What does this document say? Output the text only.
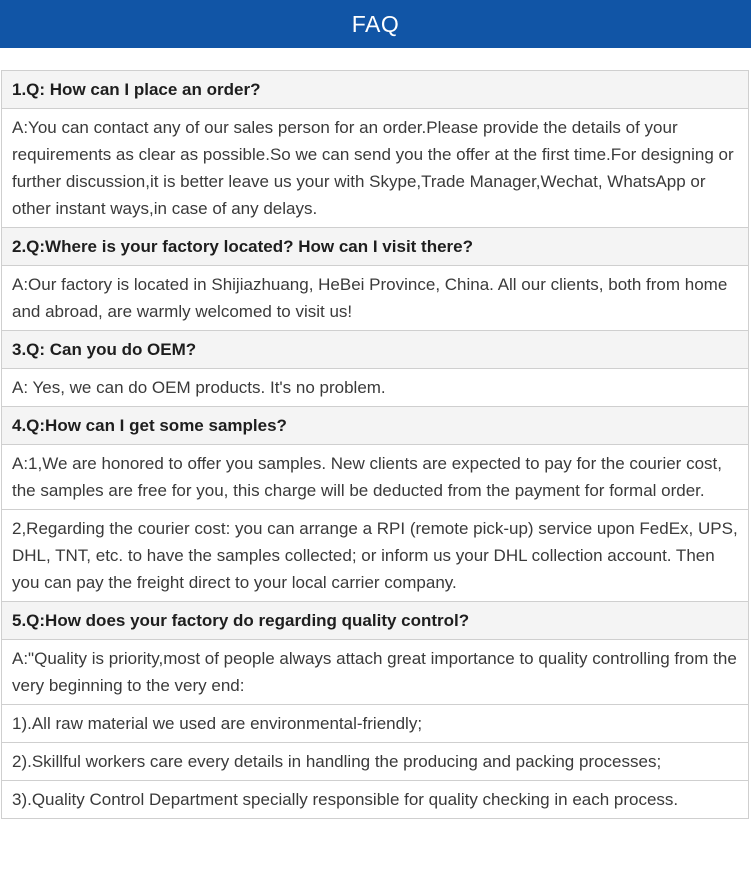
FAQ
1.Q: How can I place an order?
A:You can contact any of our sales person for an order.Please provide the details of your requirements as clear as possible.So we can send you the offer at the first time.For designing or further discussion,it is better leave us your with Skype,Trade Manager,Wechat, WhatsApp or other instant ways,in case of any delays.
2.Q:Where is your factory located? How can I visit there?
A:Our factory is located in Shijiazhuang, HeBei Province, China. All our clients, both from home and abroad, are warmly welcomed to visit us!
3.Q: Can you do OEM?
A: Yes, we can do OEM products. It's no problem.
4.Q:How can I get some samples?
A:1,We are honored to offer you samples. New clients are expected to pay for the courier cost, the samples are free for you, this charge will be deducted from the payment for formal order.
2,Regarding the courier cost: you can arrange a RPI (remote pick-up) service upon FedEx, UPS, DHL, TNT, etc. to have the samples collected; or inform us your DHL collection account. Then you can pay the freight direct to your local carrier company.
5.Q:How does your factory do regarding quality control?
A:"Quality is priority,most of people always attach great importance to quality controlling from the very beginning to the very end:
1).All raw material we used are environmental-friendly;
2).Skillful workers care every details in handling the producing and packing processes;
3).Quality Control Department specially responsible for quality checking in each process.
